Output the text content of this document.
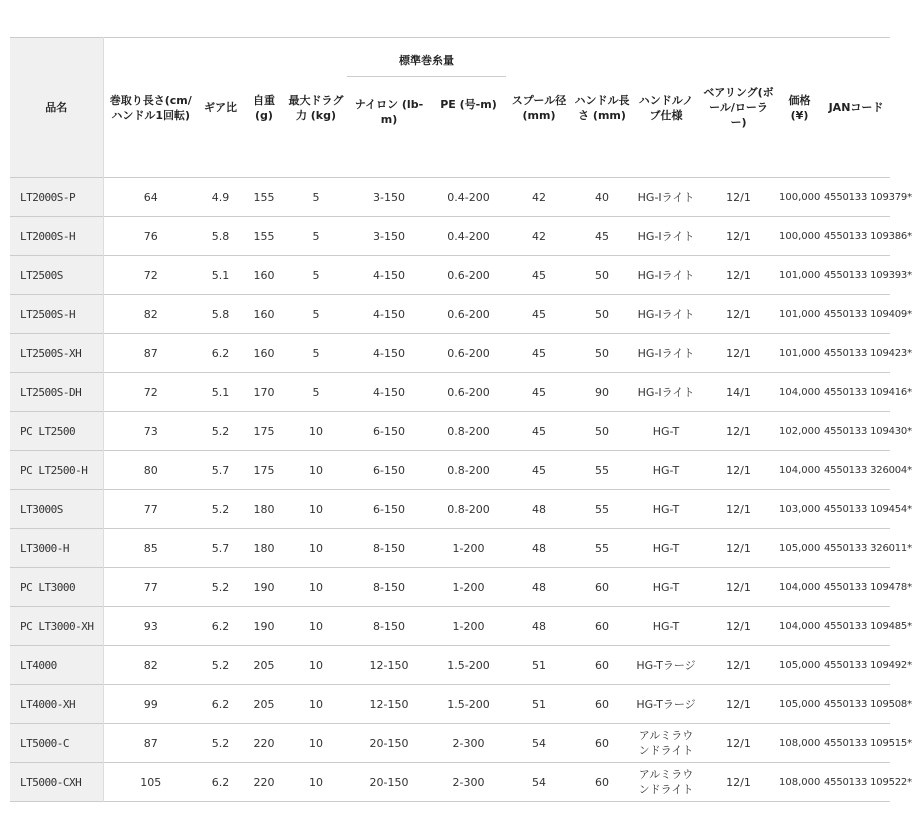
品名	巻取り長さ(cm/ハンドル1回転)	ギア比	自重(g)	最大ドラグ力 (kg)	標準巻糸量		スプール径(mm)	ハンドル長さ (mm)	ハンドルノブ仕様	ベアリング(ボール/ローラー)	価格 (¥)	JANコード
					ナイロン (lb-m)	PE (号-m)						
LT2000S-P	64	4.9	155	5	3-150	0.4-200	42	40	HG-Iライト	12/1	100,000	4550133 109379*
LT2000S-H	76	5.8	155	5	3-150	0.4-200	42	45	HG-Iライト	12/1	100,000	4550133 109386*
LT2500S	72	5.1	160	5	4-150	0.6-200	45	50	HG-Iライト	12/1	101,000	4550133 109393*
LT2500S-H	82	5.8	160	5	4-150	0.6-200	45	50	HG-Iライト	12/1	101,000	4550133 109409*
LT2500S-XH	87	6.2	160	5	4-150	0.6-200	45	50	HG-Iライト	12/1	101,000	4550133 109423*
LT2500S-DH	72	5.1	170	5	4-150	0.6-200	45	90	HG-Iライト	14/1	104,000	4550133 109416*
PC LT2500	73	5.2	175	10	6-150	0.8-200	45	50	HG-T	12/1	102,000	4550133 109430*
PC LT2500-H	80	5.7	175	10	6-150	0.8-200	45	55	HG-T	12/1	104,000	4550133 326004*
LT3000S	77	5.2	180	10	6-150	0.8-200	48	55	HG-T	12/1	103,000	4550133 109454*
LT3000-H	85	5.7	180	10	8-150	1-200	48	55	HG-T	12/1	105,000	4550133 326011*
PC LT3000	77	5.2	190	10	8-150	1-200	48	60	HG-T	12/1	104,000	4550133 109478*
PC LT3000-XH	93	6.2	190	10	8-150	1-200	48	60	HG-T	12/1	104,000	4550133 109485*
LT4000	82	5.2	205	10	12-150	1.5-200	51	60	HG-Tラージ	12/1	105,000	4550133 109492*
LT4000-XH	99	6.2	205	10	12-150	1.5-200	51	60	HG-Tラージ	12/1	105,000	4550133 109508*
LT5000-C	87	5.2	220	10	20-150	2-300	54	60	アルミラウンドライト	12/1	108,000	4550133 109515*
LT5000-CXH	105	6.2	220	10	20-150	2-300	54	60	アルミラウンドライト	12/1	108,000	4550133 109522*
